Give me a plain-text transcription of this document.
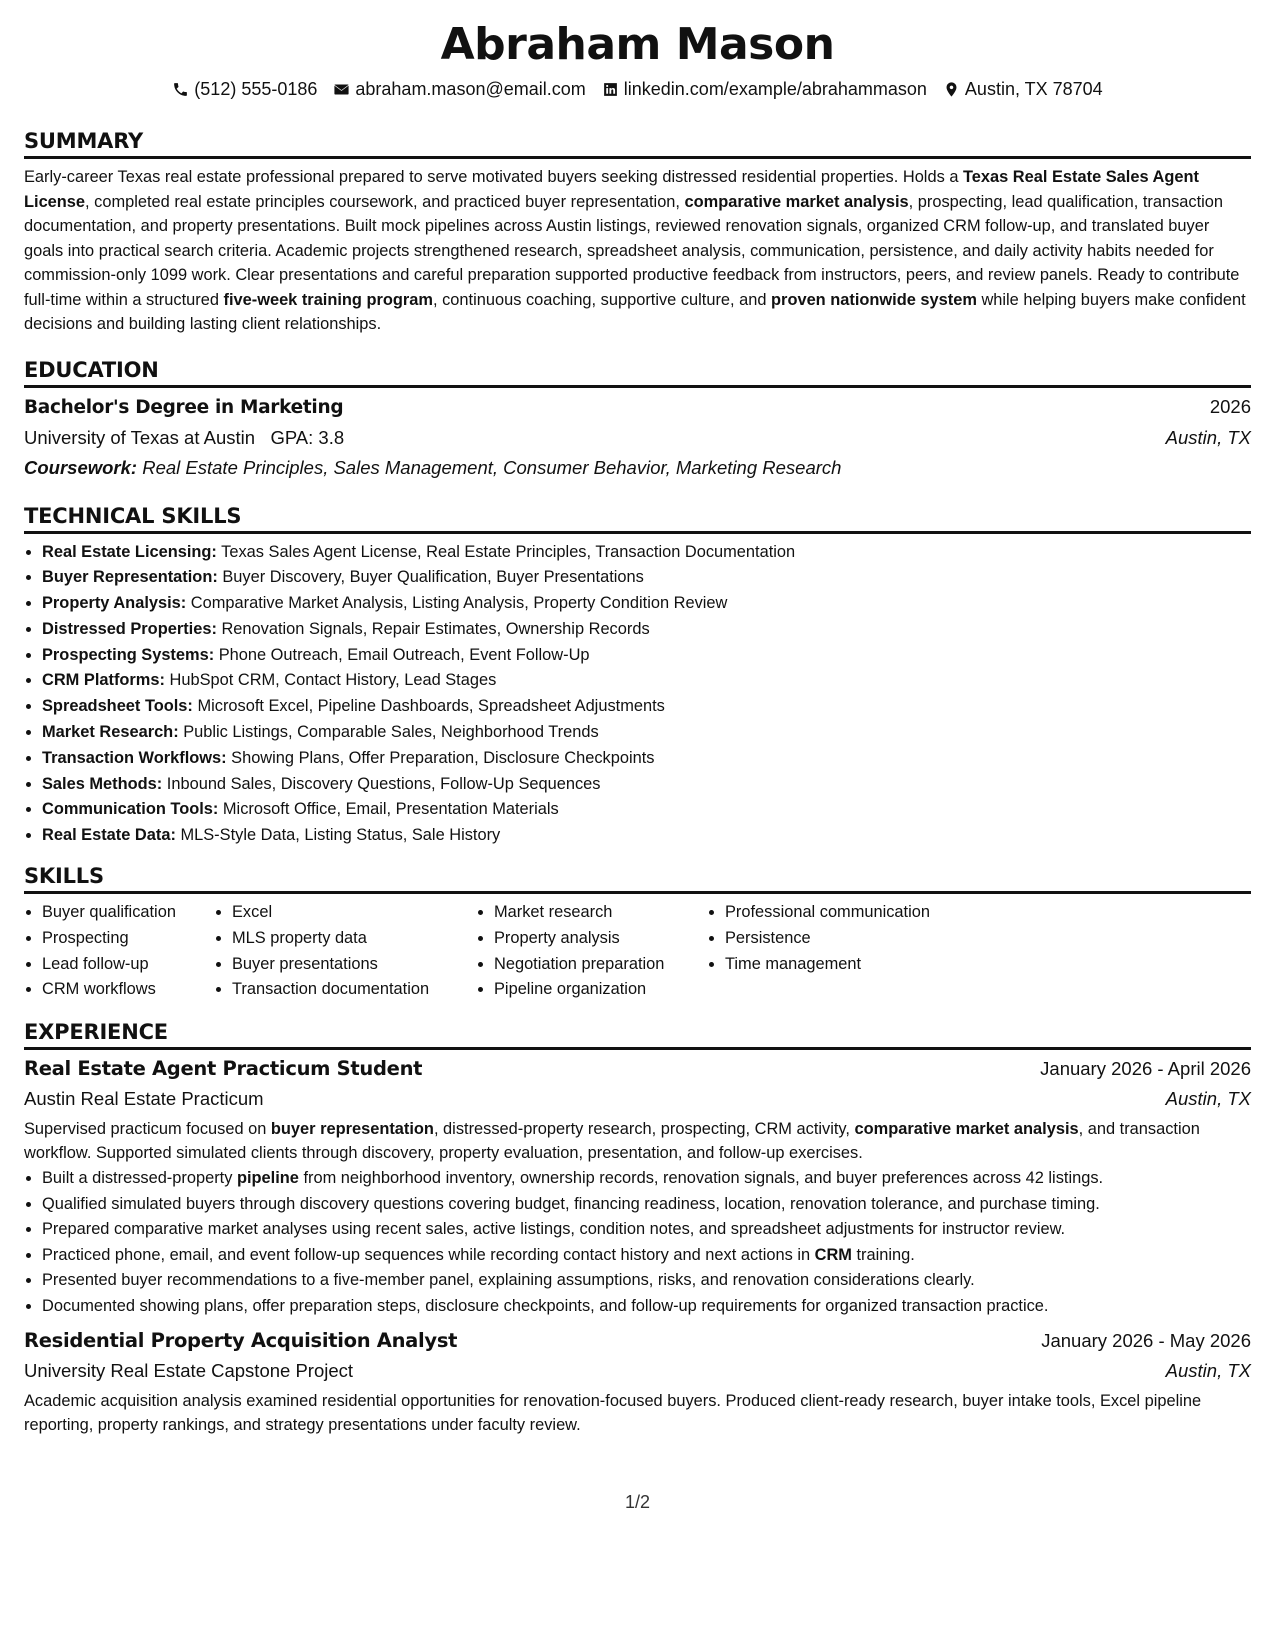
Abraham Mason
(512) 555-0186 abraham.mason@email.com linkedin.com/example/abrahammason Austin, TX 78704
SUMMARY

Early-career Texas real estate professional prepared to serve motivated buyers seeking distressed residential properties. Holds a Texas Real Estate Sales Agent License, completed real estate principles coursework, and practiced buyer representation, comparative market analysis, prospecting, lead qualification, transaction documentation, and property presentations. Built mock pipelines across Austin listings, reviewed renovation signals, organized CRM follow-up, and translated buyer goals into practical search criteria. Academic projects strengthened research, spreadsheet analysis, communication, persistence, and daily activity habits needed for commission-only 1099 work. Clear presentations and careful preparation supported productive feedback from instructors, peers, and review panels. Ready to contribute full-time within a structured five-week training program, continuous coaching, supportive culture, and proven nationwide system while helping buyers make confident decisions and building lasting client relationships.

EDUCATION
Bachelor's Degree in Marketing	2026
University of Texas at Austin GPA: 3.8	Austin, TX
Coursework: Real Estate Principles, Sales Management, Consumer Behavior, Marketing Research
TECHNICAL SKILLS
• Real Estate Licensing: Texas Sales Agent License, Real Estate Principles, Transaction Documentation
• Buyer Representation: Buyer Discovery, Buyer Qualification, Buyer Presentations
• Property Analysis: Comparative Market Analysis, Listing Analysis, Property Condition Review
• Distressed Properties: Renovation Signals, Repair Estimates, Ownership Records
• Prospecting Systems: Phone Outreach, Email Outreach, Event Follow-Up
• CRM Platforms: HubSpot CRM, Contact History, Lead Stages
• Spreadsheet Tools: Microsoft Excel, Pipeline Dashboards, Spreadsheet Adjustments
• Market Research: Public Listings, Comparable Sales, Neighborhood Trends
• Transaction Workflows: Showing Plans, Offer Preparation, Disclosure Checkpoints
• Sales Methods: Inbound Sales, Discovery Questions, Follow-Up Sequences
• Communication Tools: Microsoft Office, Email, Presentation Materials
• Real Estate Data: MLS-Style Data, Listing Status, Sale History
SKILLS
• Buyer qualification
• Prospecting
• Lead follow-up
• CRM workflows
• Excel
• MLS property data
• Buyer presentations
• Transaction documentation
• Market research
• Property analysis
• Negotiation preparation
• Pipeline organization
• Professional communication
• Persistence
• Time management
EXPERIENCE
Real Estate Agent Practicum Student	January 2026 - April 2026
Austin Real Estate Practicum	Austin, TX

Supervised practicum focused on buyer representation, distressed-property research, prospecting, CRM activity, comparative market analysis, and transaction workflow. Supported simulated clients through discovery, property evaluation, presentation, and follow-up exercises.

• Built a distressed-property pipeline from neighborhood inventory, ownership records, renovation signals, and buyer preferences across 42 listings.
• Qualified simulated buyers through discovery questions covering budget, financing readiness, location, renovation tolerance, and purchase timing.
• Prepared comparative market analyses using recent sales, active listings, condition notes, and spreadsheet adjustments for instructor review.
• Practiced phone, email, and event follow-up sequences while recording contact history and next actions in CRM training.
• Presented buyer recommendations to a five-member panel, explaining assumptions, risks, and renovation considerations clearly.
• Documented showing plans, offer preparation steps, disclosure checkpoints, and follow-up requirements for organized transaction practice.
Residential Property Acquisition Analyst	January 2026 - May 2026
University Real Estate Capstone Project	Austin, TX

Academic acquisition analysis examined residential opportunities for renovation-focused buyers. Produced client-ready research, buyer intake tools, Excel pipeline reporting, property rankings, and strategy presentations under faculty review.

1/2
